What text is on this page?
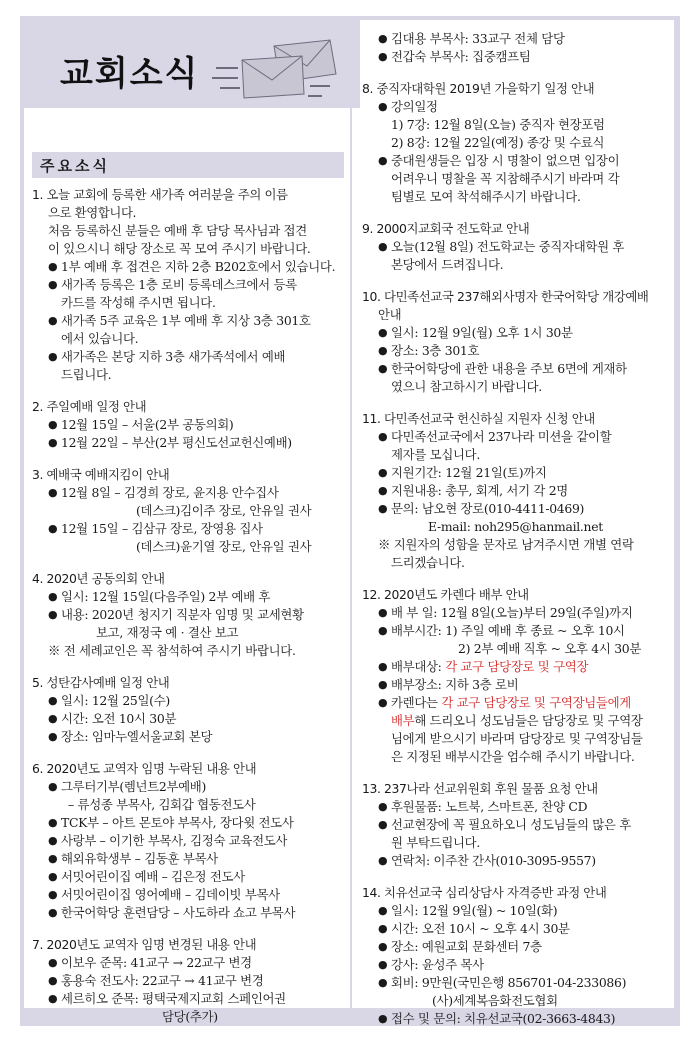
교회소식
주요소식
1. 오늘 교회에 등록한 새가족 여러분을 주의 이름
으로 환영합니다.
처음 등록하신 분들은 예배 후 담당 목사님과 접견
이 있으시니 해당 장소로 꼭 모여 주시기 바랍니다.
● 1부 예배 후 접견은 지하 2층 B202호에서 있습니다.
● 새가족 등록은 1층 로비 등록데스크에서 등록
카드를 작성해 주시면 됩니다.
● 새가족 5주 교육은 1부 예배 후 지상 3층 301호
에서 있습니다.
● 새가족은 본당 지하 3층 새가족석에서 예배
드립니다.
2. 주일예배 일정 안내
● 12월 15일 – 서울(2부 공동의회)
● 12월 22일 – 부산(2부 평신도선교헌신예배)
3. 예배국 예배지킴이 안내
● 12월 8일 – 김경희 장로, 윤지용 안수집사
(데스크)김이주 장로, 안유일 권사
● 12월 15일 – 김삼규 장로, 장영용 집사
(데스크)윤기열 장로, 안유일 권사
4. 2020년 공동의회 안내
● 일시: 12월 15일(다음주일) 2부 예배 후
● 내용: 2020년 청지기 직분자 임명 및 교세현황
보고, 재정국 예 · 결산 보고
※ 전 세례교인은 꼭 참석하여 주시기 바랍니다.
5. 성탄감사예배 일정 안내
● 일시: 12월 25일(수)
● 시간: 오전 10시 30분
● 장소: 임마누엘서울교회 본당
6. 2020년도 교역자 임명 누락된 내용 안내
● 그루터기부(렘넌트2부예배)
– 류성종 부목사, 김회갑 협동전도사
● TCK부 – 아트 몬토야 부목사, 장다윗 전도사
● 사랑부 – 이기한 부목사, 김정숙 교육전도사
● 해외유학생부 – 김동훈 부목사
● 서밋어린이집 예배 – 김은정 전도사
● 서밋어린이집 영어예배 – 김데이빗 부목사
● 한국어학당 훈련담당 – 사도하라 쇼고 부목사
7. 2020년도 교역자 임명 변경된 내용 안내
● 이보우 준목: 41교구 → 22교구 변경
● 홍용숙 전도사: 22교구 → 41교구 변경
● 세르히오 준목: 평택국제지교회 스페인어권
담당(추가)
● 김대용 부목사: 33교구 전체 담당
● 전갑숙 부목사: 집중캠프팀
8. 중직자대학원 2019년 가을학기 일정 안내
● 강의일정
1) 7강: 12월 8일(오늘) 중직자 현장포럼
2) 8강: 12월 22일(예정) 종강 및 수료식
● 중대원생들은 입장 시 명찰이 없으면 입장이
어려우니 명찰을 꼭 지참해주시기 바라며 각
팀별로 모여 착석해주시기 바랍니다.
9. 2000지교회국 전도학교 안내
● 오늘(12월 8일) 전도학교는 중직자대학원 후
본당에서 드려집니다.
10. 다민족선교국 237해외사명자 한국어학당 개강예배
안내
● 일시: 12월 9일(월) 오후 1시 30분
● 장소: 3층 301호
● 한국어학당에 관한 내용을 주보 6면에 게재하
였으니 참고하시기 바랍니다.
11. 다민족선교국 헌신하실 지원자 신청 안내
● 다민족선교국에서 237나라 미션을 같이할
제자를 모십니다.
● 지원기간: 12월 21일(토)까지
● 지원내용: 총무, 회계, 서기 각 2명
● 문의: 남오현 장로(010-4411-0469)
E-mail: noh295@hanmail.net
※ 지원자의 성함을 문자로 남겨주시면 개별 연락
드리겠습니다.
12. 2020년도 카렌다 배부 안내
● 배 부 일: 12월 8일(오늘)부터 29일(주일)까지
● 배부시간: 1) 주일 예배 후 종료 ~ 오후 10시
2) 2부 예배 직후 ~ 오후 4시 30분
● 배부대상: 각 교구 담당장로 및 구역장
● 배부장소: 지하 3층 로비
● 카렌다는 각 교구 담당장로 및 구역장님들에게
배부해 드리오니 성도님들은 담당장로 및 구역장
님에게 받으시기 바라며 담당장로 및 구역장님들
은 지정된 배부시간을 엄수해 주시기 바랍니다.
13. 237나라 선교위원회 후원 물품 요청 안내
● 후원물품: 노트북, 스마트폰, 찬양 CD
● 선교현장에 꼭 필요하오니 성도님들의 많은 후
원 부탁드립니다.
● 연락처: 이주찬 간사(010-3095-9557)
14. 치유선교국 심리상담사 자격증반 과정 안내
● 일시: 12월 9일(월) ~ 10일(화)
● 시간: 오전 10시 ~ 오후 4시 30분
● 장소: 예원교회 문화센터 7층
● 강사: 윤성주 목사
● 회비: 9만원(국민은행 856701-04-233086)
(사)세계복음화전도협회
● 접수 및 문의: 치유선교국(02-3663-4843)
